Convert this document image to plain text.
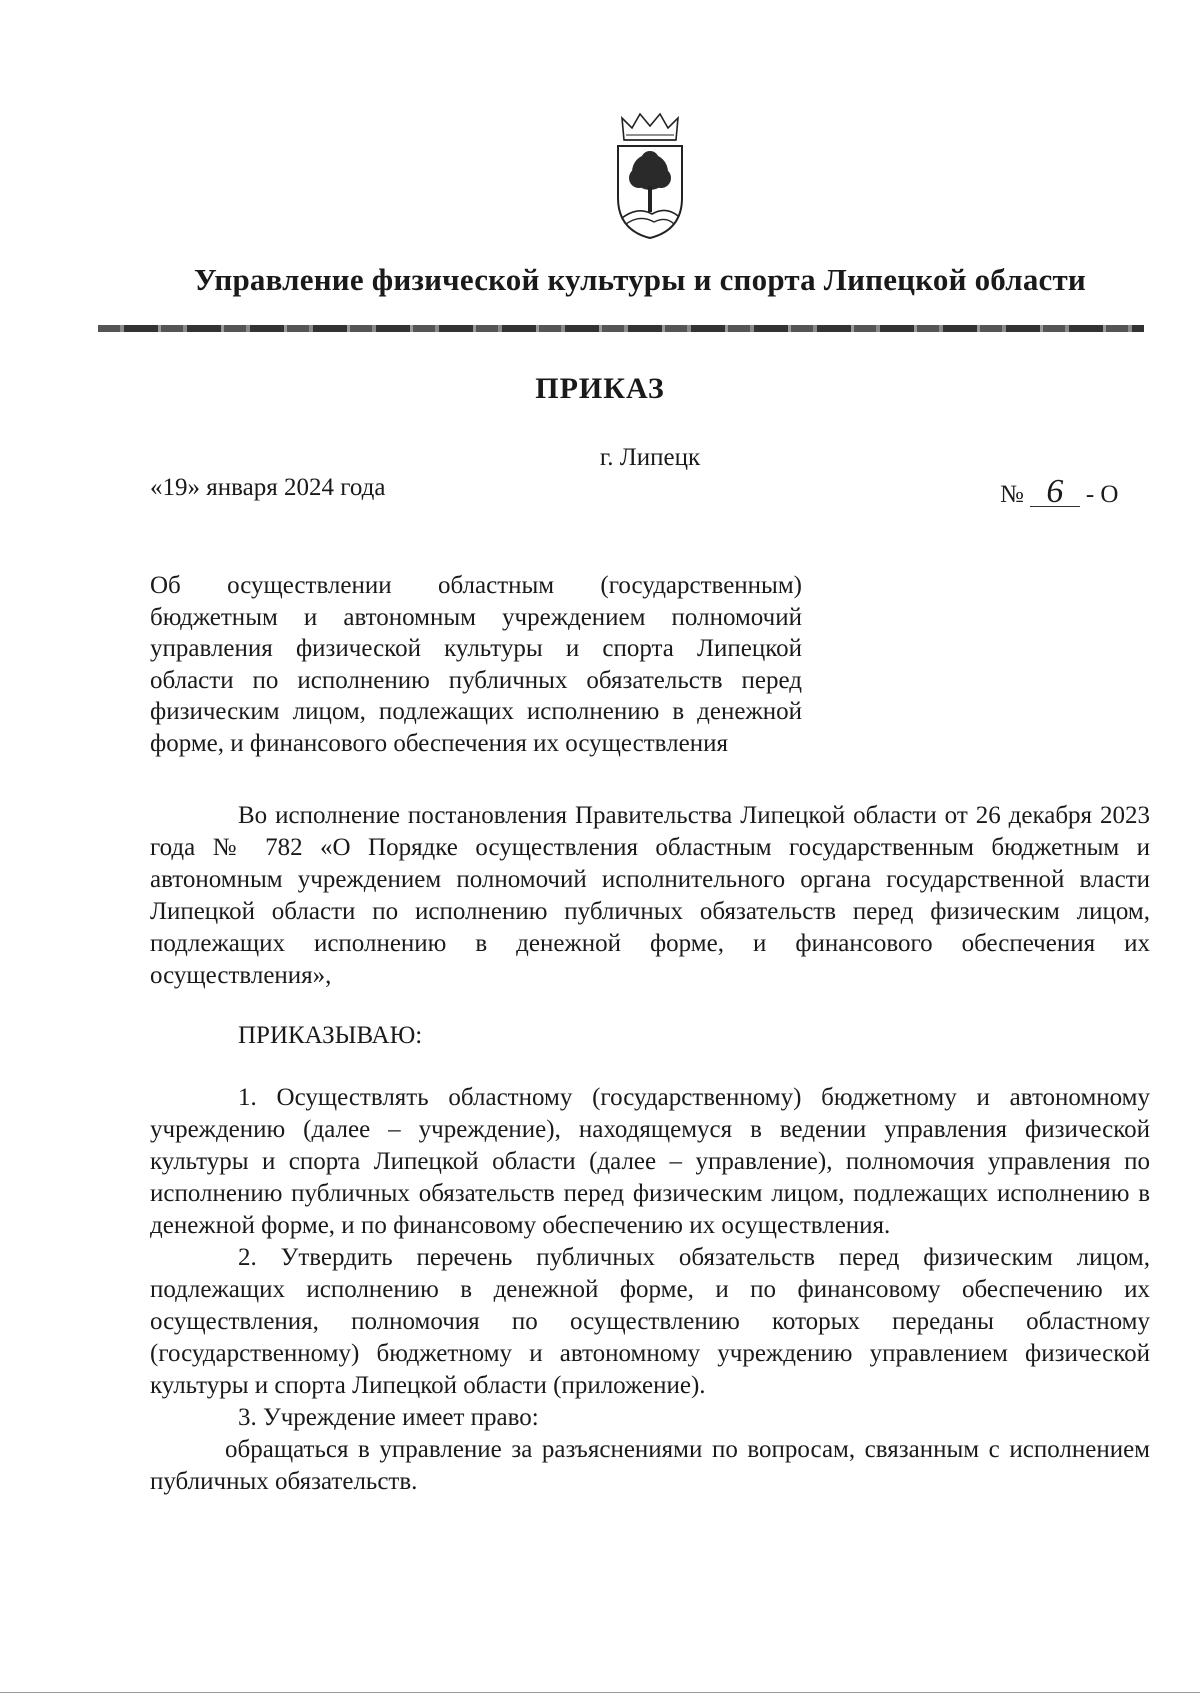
Управление физической культуры и спорта Липецкой области
ПРИКАЗ
г. Липецк
«19» января 2024 года	№ 6 - О
Об осуществлении областным (государственным) бюджетным и автономным учреждением полномочий управления физической культуры и спорта Липецкой области по исполнению публичных обязательств перед физическим лицом, подлежащих исполнению в денежной форме, и финансового обеспечения их осуществления

Во исполнение постановления Правительства Липецкой области от 26 декабря 2023 года № 782 «О Порядке осуществления областным государственным бюджетным и автономным учреждением полномочий исполнительного органа государственной власти Липецкой области по исполнению публичных обязательств перед физическим лицом, подлежащих исполнению в денежной форме, и финансового обеспечения их осуществления»,

ПРИКАЗЫВАЮ:

1. Осуществлять областному (государственному) бюджетному и автономному учреждению (далее – учреждение), находящемуся в ведении управления физической культуры и спорта Липецкой области (далее – управление), полномочия управления по исполнению публичных обязательств перед физическим лицом, подлежащих исполнению в денежной форме, и по финансовому обеспечению их осуществления.

2. Утвердить перечень публичных обязательств перед физическим лицом, подлежащих исполнению в денежной форме, и по финансовому обеспечению их осуществления, полномочия по осуществлению которых переданы областному (государственному) бюджетному и автономному учреждению управлением физической культуры и спорта Липецкой области (приложение).

3. Учреждение имеет право:

обращаться в управление за разъяснениями по вопросам, связанным с исполнением публичных обязательств.
